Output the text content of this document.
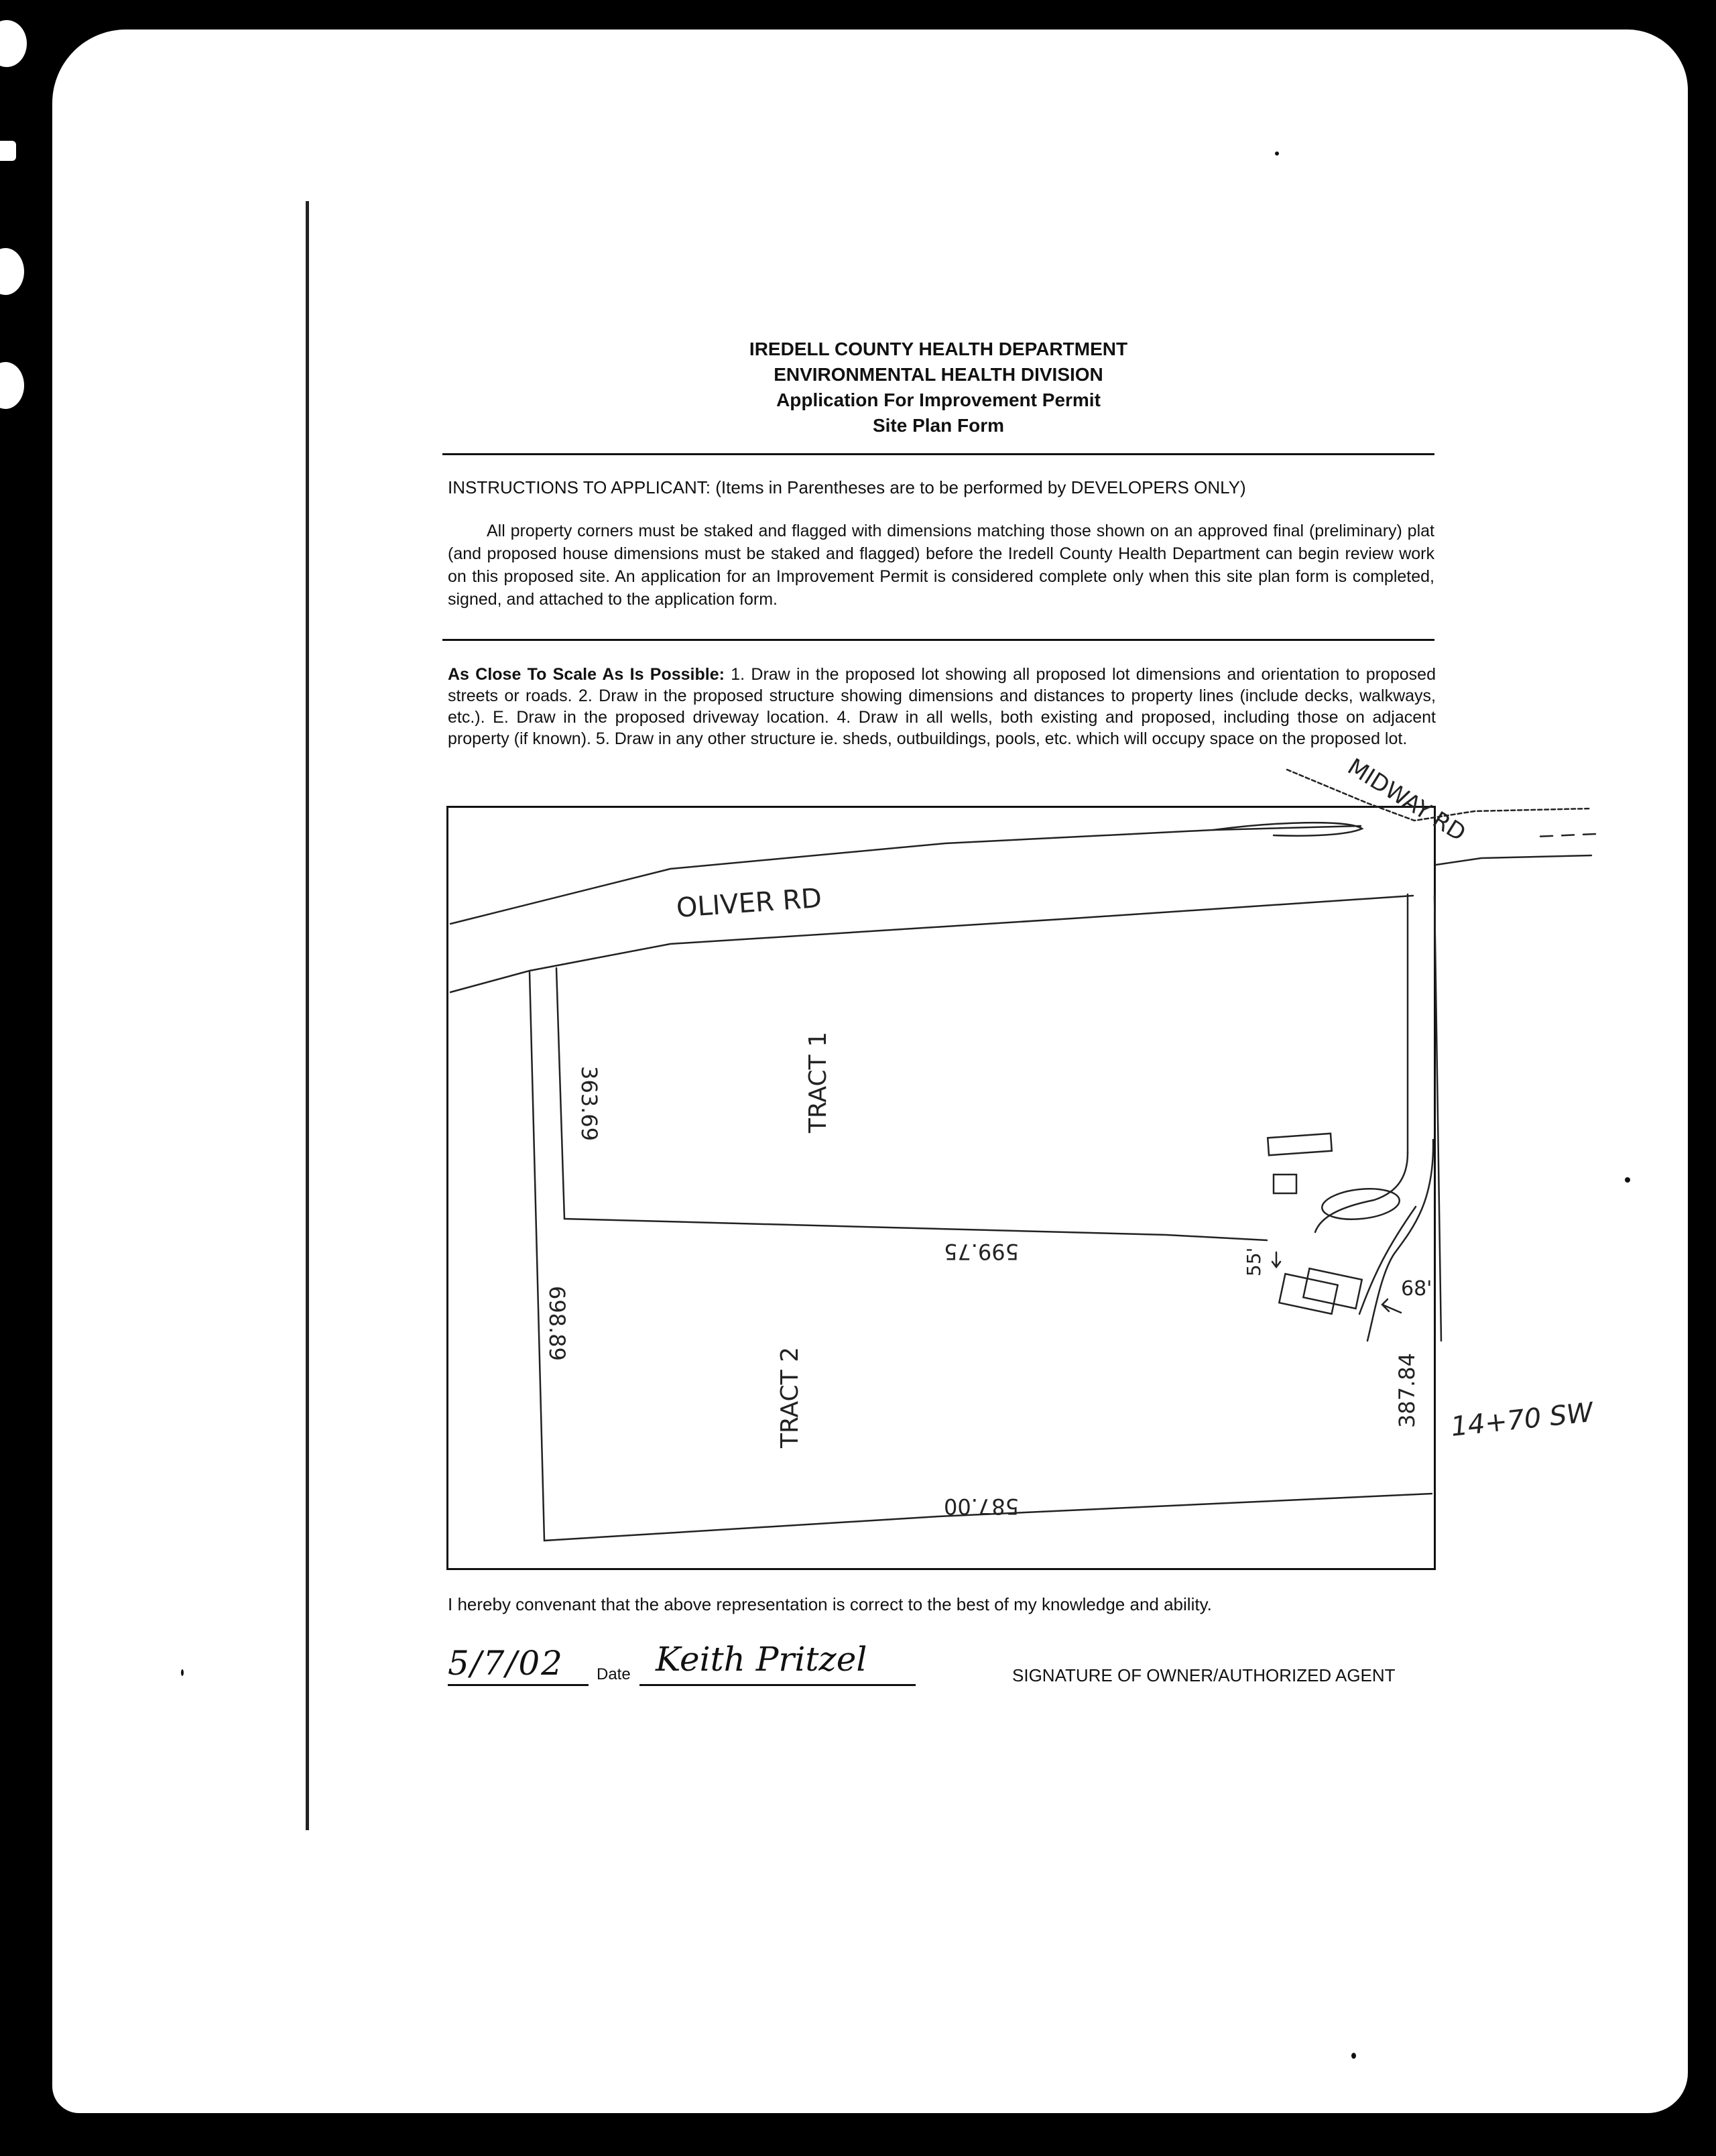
IREDELL COUNTY HEALTH DEPARTMENT
ENVIRONMENTAL HEALTH DIVISION
Application For Improvement Permit
Site Plan Form
INSTRUCTIONS TO APPLICANT: (Items in Parentheses are to be performed by DEVELOPERS ONLY)
All property corners must be staked and flagged with dimensions matching those shown on an approved final (preliminary) plat (and proposed house dimensions must be staked and flagged) before the Iredell County Health Department can begin review work on this proposed site. An application for an Improvement Permit is considered complete only when this site plan form is completed, signed, and attached to the application form.
As Close To Scale As Is Possible: 1. Draw in the proposed lot showing all proposed lot dimensions and orientation to proposed streets or roads. 2. Draw in the proposed structure showing dimensions and distances to property lines (include decks, walkways, etc.). E. Draw in the proposed driveway location. 4. Draw in all wells, both existing and proposed, including those on adjacent property (if known). 5. Draw in any other structure ie. sheds, outbuildings, pools, etc. which will occupy space on the proposed lot.
OLIVER RD
MIDWAY RD
TRACT 1
TRACT 2
363.69
599.75
698.89
587.00
387.84
55'
68'
14+70 SW
I hereby convenant that the above representation is correct to the best of my knowledge and ability.
5/7/02	Date Keith Pritzel	SIGNATURE OF OWNER/AUTHORIZED AGENT
